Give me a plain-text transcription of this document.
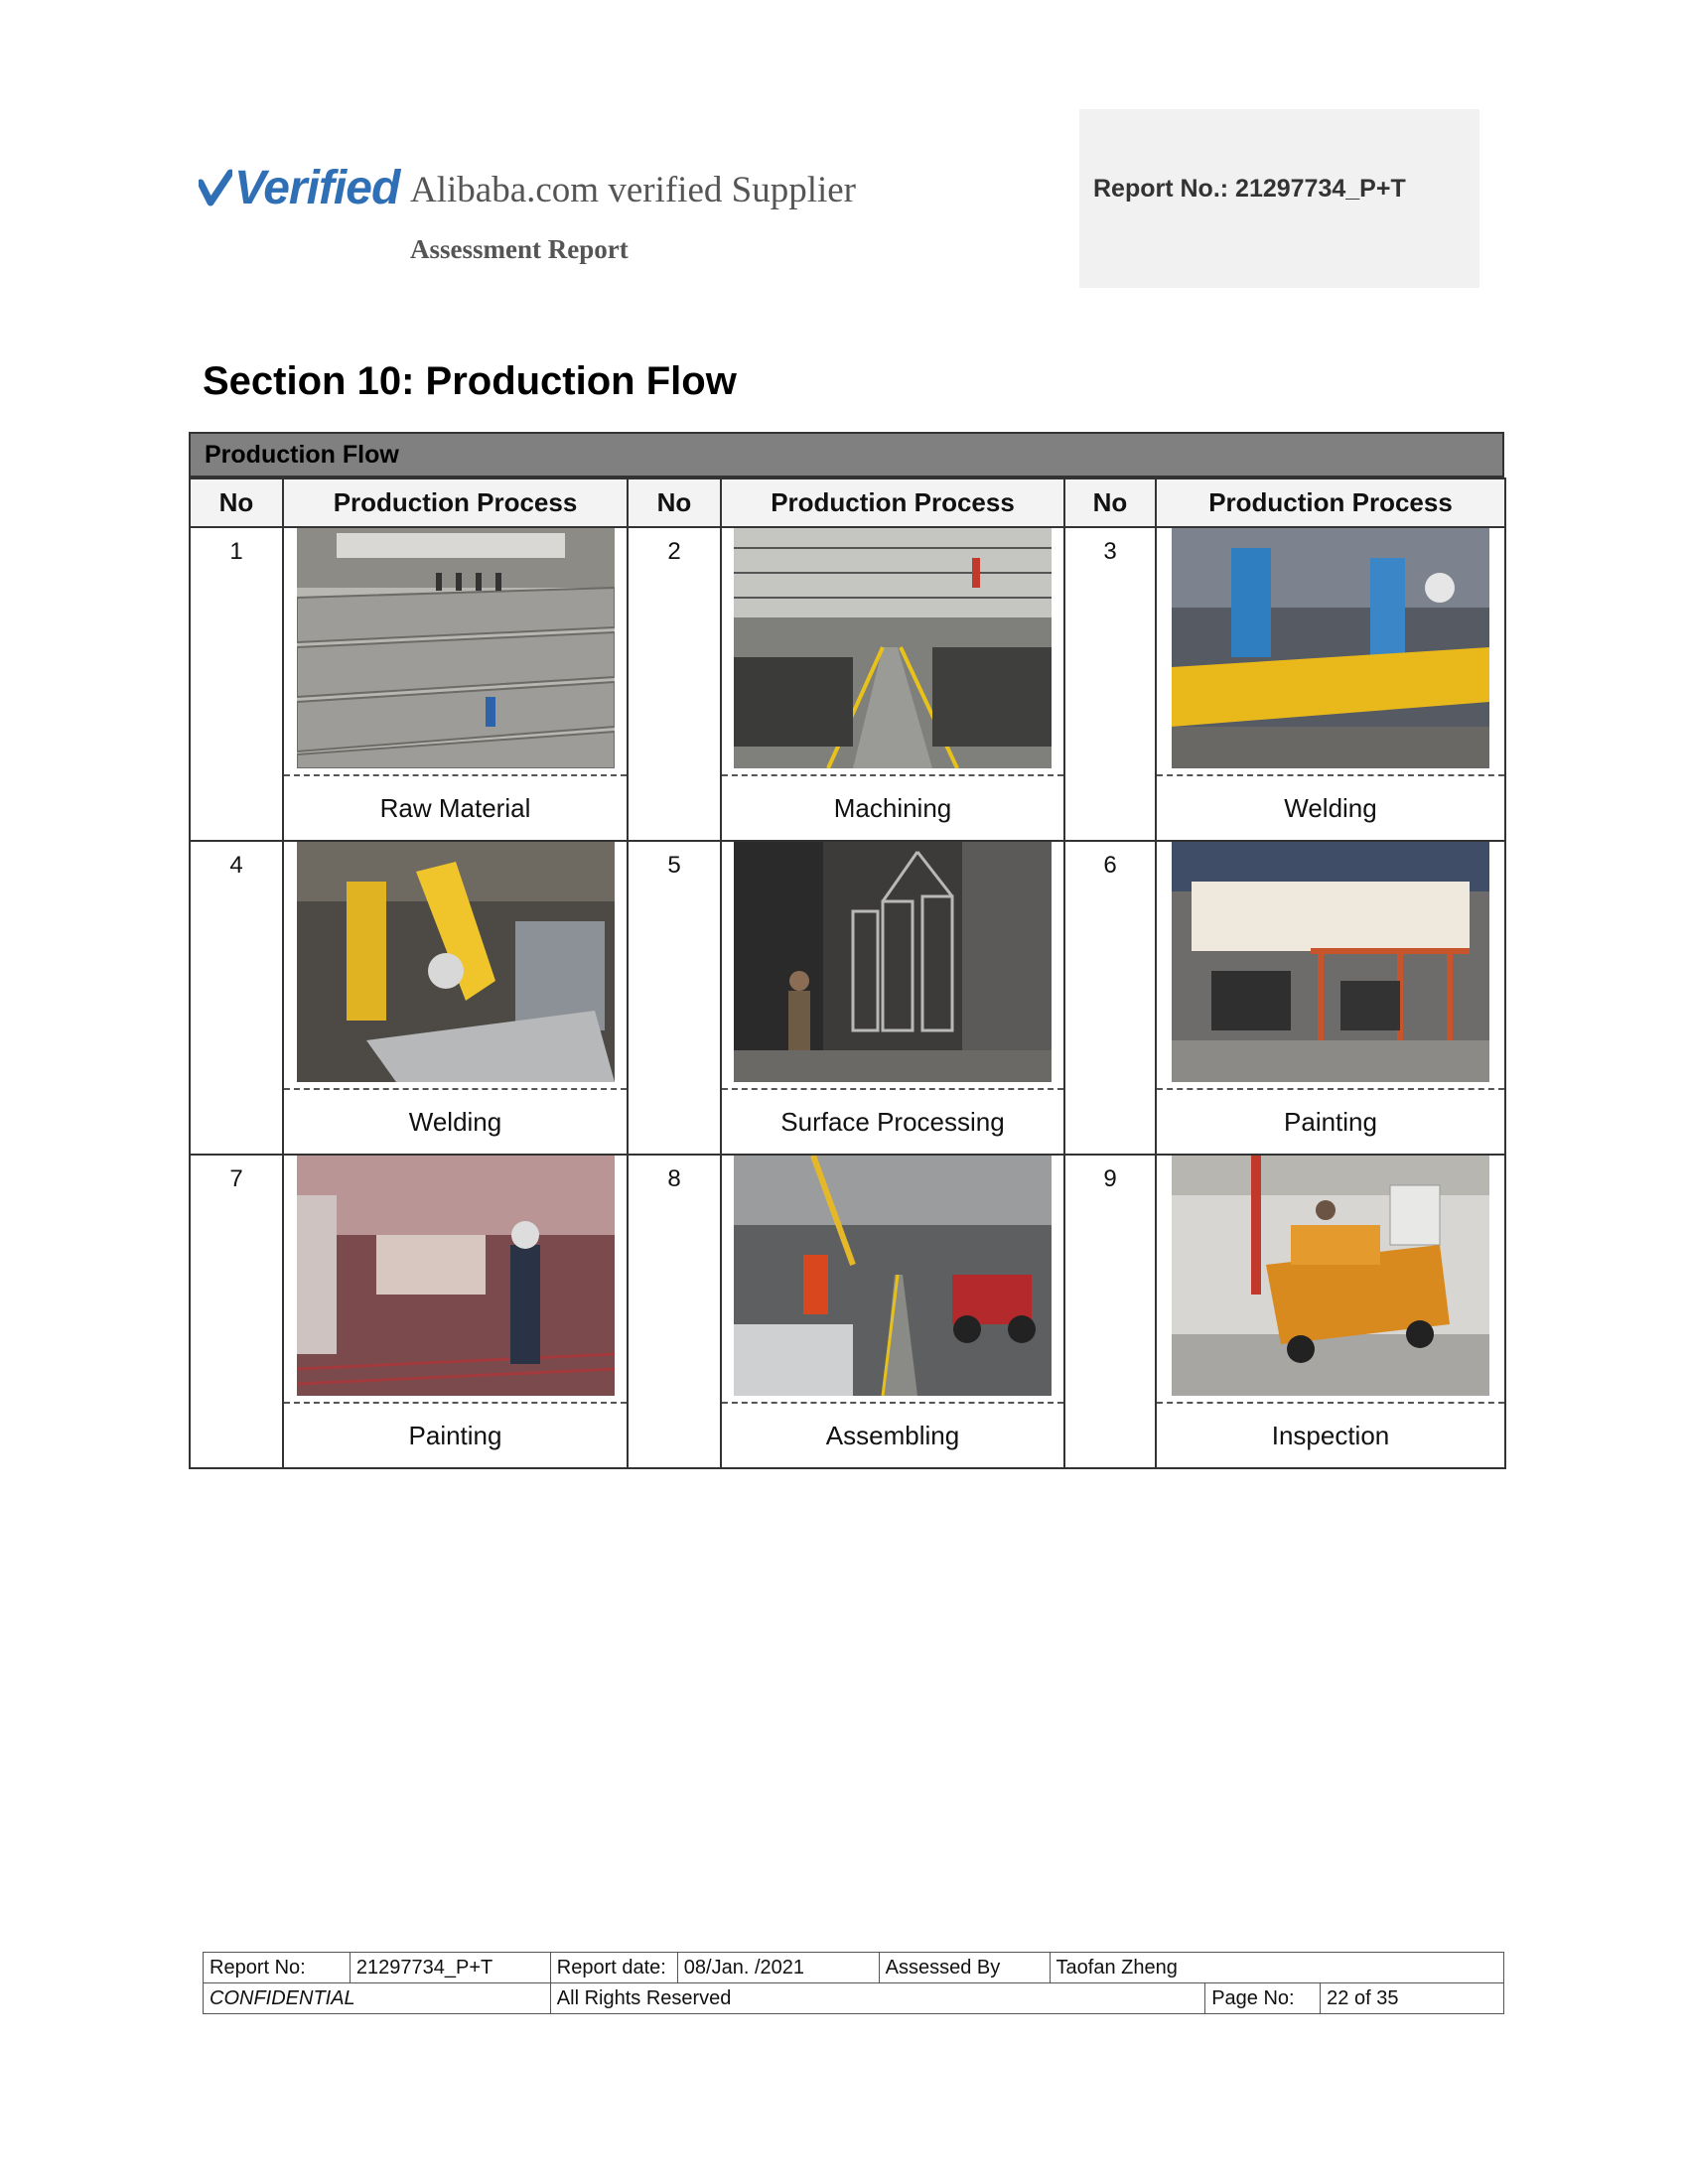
Verified Alibaba.com verified Supplier
Assessment Report
Report No.: 21297734_P+T
Section 10: Production Flow
Production Flow
No	Production Process	No	Production Process	No	Production Process
1	Raw Material	2	Machining	3	Welding

4	Welding	5	Surface Processing	6	Painting

7	Painting	8	Assembling	9	Inspection
Report No:	21297734_P+T	Report date:	08/Jan. /2021	Assessed By	Taofan Zheng		
CONFIDENTIAL		All Rights Reserved				Page No:	22 of 35
